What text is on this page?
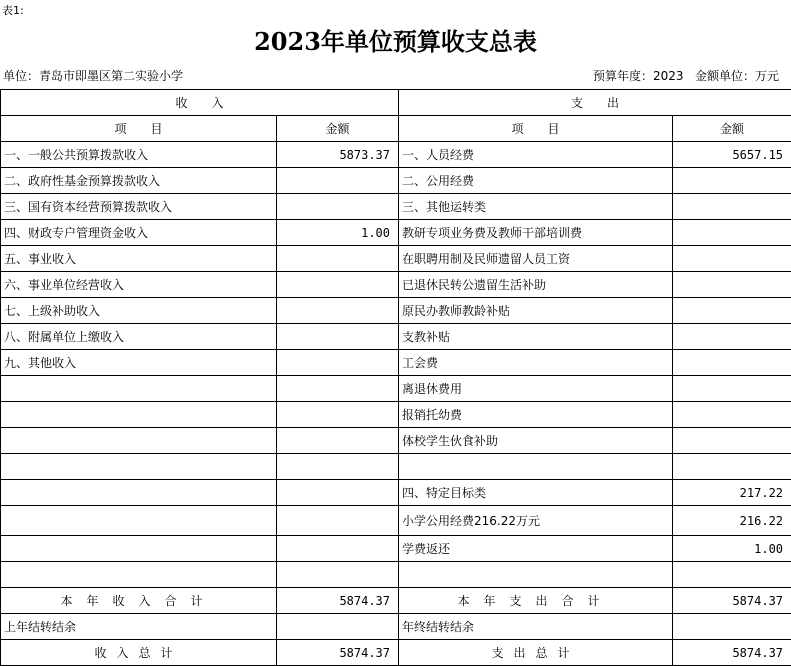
表1:
2023年单位预算收支总表
单位：青岛市即墨区第二实验小学	预算年度：2023   金额单位：万元
收　　入		支　　出	
项　　目	金额	项　　目	金额
一、一般公共预算拨款收入	5873.37	一、人员经费	5657.15
二、政府性基金预算拨款收入		二、公用经费	
三、国有资本经营预算拨款收入		三、其他运转类	
四、财政专户管理资金收入	1.00	教研专项业务费及教师干部培训费	
五、事业收入		在职聘用制及民师遗留人员工资	
六、事业单位经营收入		已退休民转公遗留生活补助	
七、上级补助收入		原民办教师教龄补贴	
八、附属单位上缴收入		支教补贴	
九、其他收入		工会费	
		离退休费用	
		报销托幼费	
		体校学生伙食补助	

		四、特定目标类	217.22
		小学公用经费216.22万元	216.22
		学费返还	1.00

本年收入合计	5874.37	本年支出合计	5874.37
上年结转结余		年终结转结余	
收入总计	5874.37	支出总计	5874.37
